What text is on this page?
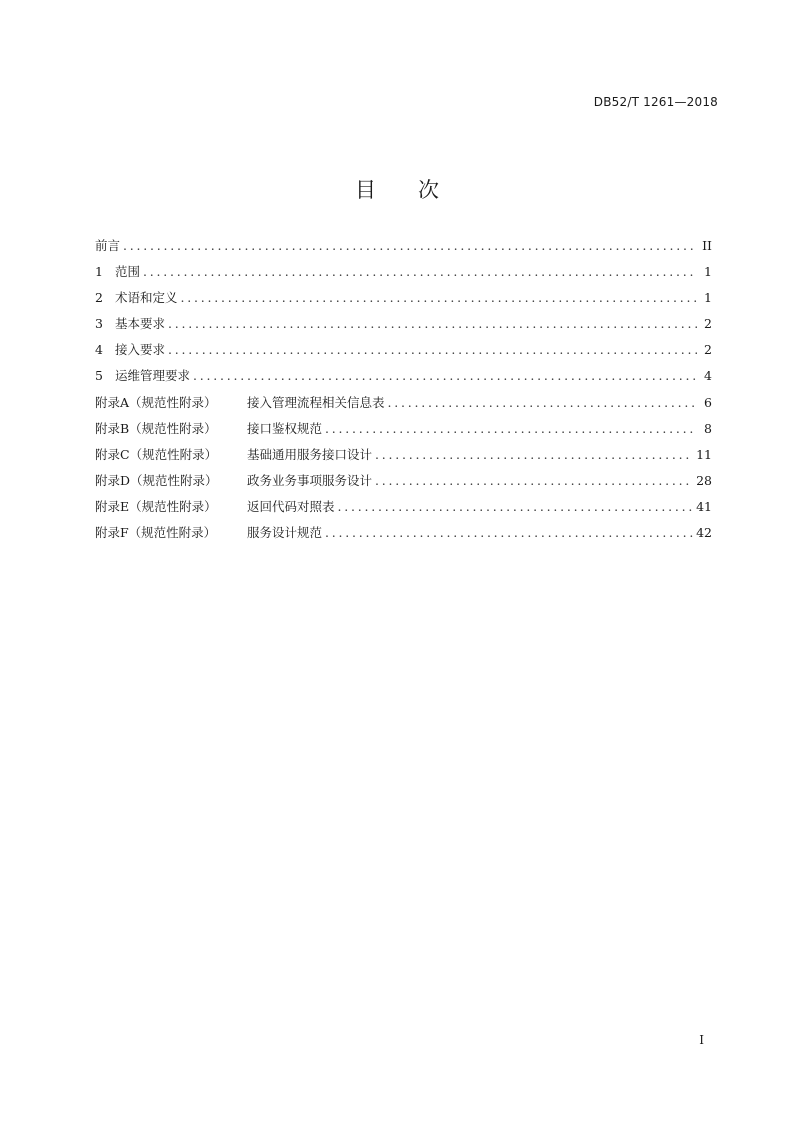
DB52/T 1261—2018
目 次
前言 . . .	II
1 范围 . . .	1
2 术语和定义 . . .	1
3 基本要求 . . .	2
4 接入要求 . . .	2
5 运维管理要求 . . .	4
附录A（规范性附录）	接入管理流程相关信息表 . . .	6
附录B（规范性附录）	接口鉴权规范 . . .	8
附录C（规范性附录）	基础通用服务接口设计 . . .	11
附录D（规范性附录）	政务业务事项服务设计 . . .	28
附录E（规范性附录）	返回代码对照表 . . .	41
附录F（规范性附录）	服务设计规范 . . .	42
I
